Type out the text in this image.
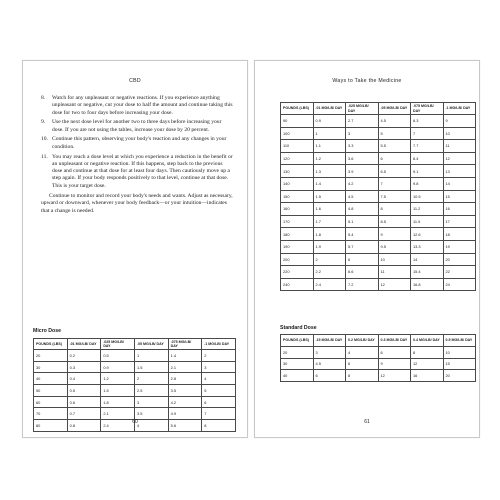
CBD
8. Watch for any unpleasant or negative reactions. If you experience anything unpleasant or negative, cut your dose to half the amount and continue taking this dose for two to four days before increasing your dose.
9. Use the next dose level for another two to three days before increasing your dose. If you are not using the tables, increase your dose by 20 percent.
10. Continue this pattern, observing your body's reaction and any changes in your condition.
11. You may reach a dose level at which you experience a reduction in the benefit or an unpleasant or negative reaction. If this happens, step back to the previous dose and continue at that dose for at least four days. Then cautiously move up a step again. If your body responds positively to that level, continue at that dose. This is your target dose.
Continue to monitor and record your body's needs and wants. Adjust as necessary, upward or downward, whenever your body feedback—or your intuition—indicates that a change is needed.
Micro Dose
POUNDS (LBS)	.01 MG/LB/ DAY	.025 MG/LB/ DAY	.05 MG/LB/ DAY	.075 MG/LB/ DAY	.1 MG/LB/ DAY
20	0.2	0.5	1	1.4	2
30	0.3	0.9	1.5	2.1	3
40	0.4	1.2	2	2.8	4
50	0.5	1.5	2.5	3.5	5
60	0.6	1.8	3	4.2	6
70	0.7	2.1	3.5	4.9	7
80	0.8	2.4	4	5.6	8
60
Ways to Take the Medicine
POUNDS (LBS)	.01 MG/LB/ DAY	.025 MG/LB/ DAY	.05 MG/LB/ DAY	.075 MG/LB/ DAY	.1 MG/LB/ DAY
90	0.9	2.7	4.5	6.3	9
100	1	3	5	7	10
110	1.1	3.3	5.5	7.7	11
120	1.2	3.6	6	8.4	12
130	1.3	3.9	6.5	9.1	13
140	1.4	4.2	7	9.8	14
150	1.5	4.5	7.5	10.5	15
160	1.6	4.8	8	11.2	16
170	1.7	5.1	8.5	11.9	17
180	1.8	5.4	9	12.6	18
190	1.9	5.7	9.5	13.3	19
200	2	6	10	14	20
220	2.2	6.6	11	15.4	22
240	2.4	7.2	12	16.8	24
Standard Dose
POUNDS (LBS)	.15 MG/LB/ DAY	0.2 MG/LB/ DAY	0.3 MG/LB/ DAY	0.4 MG/LB/ DAY	0.5 MG/LB/ DAY
20	3	4	6	8	10
30	4.5	6	9	12	15
40	6	8	12	16	20
61
